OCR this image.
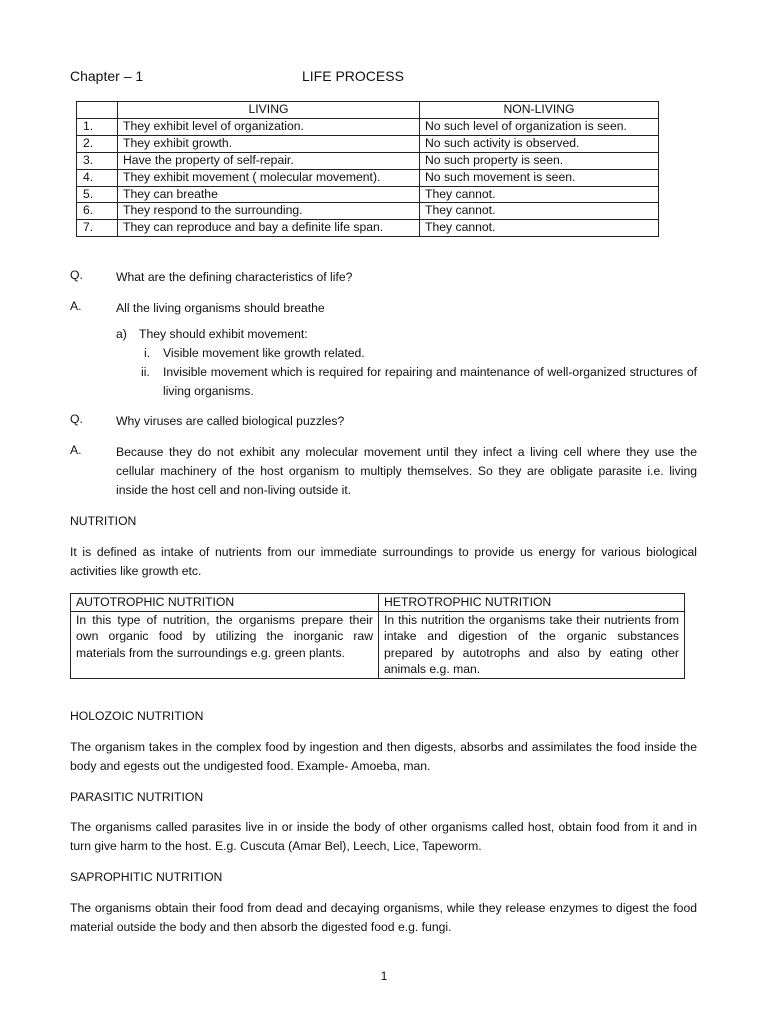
Chapter – 1	LIFE PROCESS
	LIVING	NON-LIVING
1.	They exhibit level of organization.	No such level of organization is seen.
2.	They exhibit growth.	No such activity is observed.
3.	Have the property of self-repair.	No such property is seen.
4.	They exhibit movement ( molecular movement).	No such movement is seen.
5.	They can breathe	They cannot.
6.	They respond to the surrounding.	They cannot.
7.	They can reproduce and bay a definite life span.	They cannot.
Q.	What are the defining characteristics of life?
A.	All the living organisms should breathe
a) They should exhibit movement:
i. Visible movement like growth related.
ii. Invisible movement which is required for repairing and maintenance of well-organized structures of living organisms.
Q.	Why viruses are called biological puzzles?
A.	Because they do not exhibit any molecular movement until they infect a living cell where they use the cellular machinery of the host organism to multiply themselves. So they are obligate parasite i.e. living inside the host cell and non-living outside it.
NUTRITION
It is defined as intake of nutrients from our immediate surroundings to provide us energy for various biological activities like growth etc.
AUTOTROPHIC NUTRITION	HETROTROPHIC NUTRITION
In this type of nutrition, the organisms prepare their own organic food by utilizing the inorganic raw materials from the surroundings e.g. green plants.	In this nutrition the organisms take their nutrients from intake and digestion of the organic substances prepared by autotrophs and also by eating other animals e.g. man.
HOLOZOIC NUTRITION
The organism takes in the complex food by ingestion and then digests, absorbs and assimilates the food inside the body and egests out the undigested food. Example- Amoeba, man.
PARASITIC NUTRITION
The organisms called parasites live in or inside the body of other organisms called host, obtain food from it and in turn give harm to the host. E.g. Cuscuta (Amar Bel), Leech, Lice, Tapeworm.
SAPROPHITIC NUTRITION
The organisms obtain their food from dead and decaying organisms, while they release enzymes to digest the food material outside the body and then absorb the digested food e.g. fungi.
1
